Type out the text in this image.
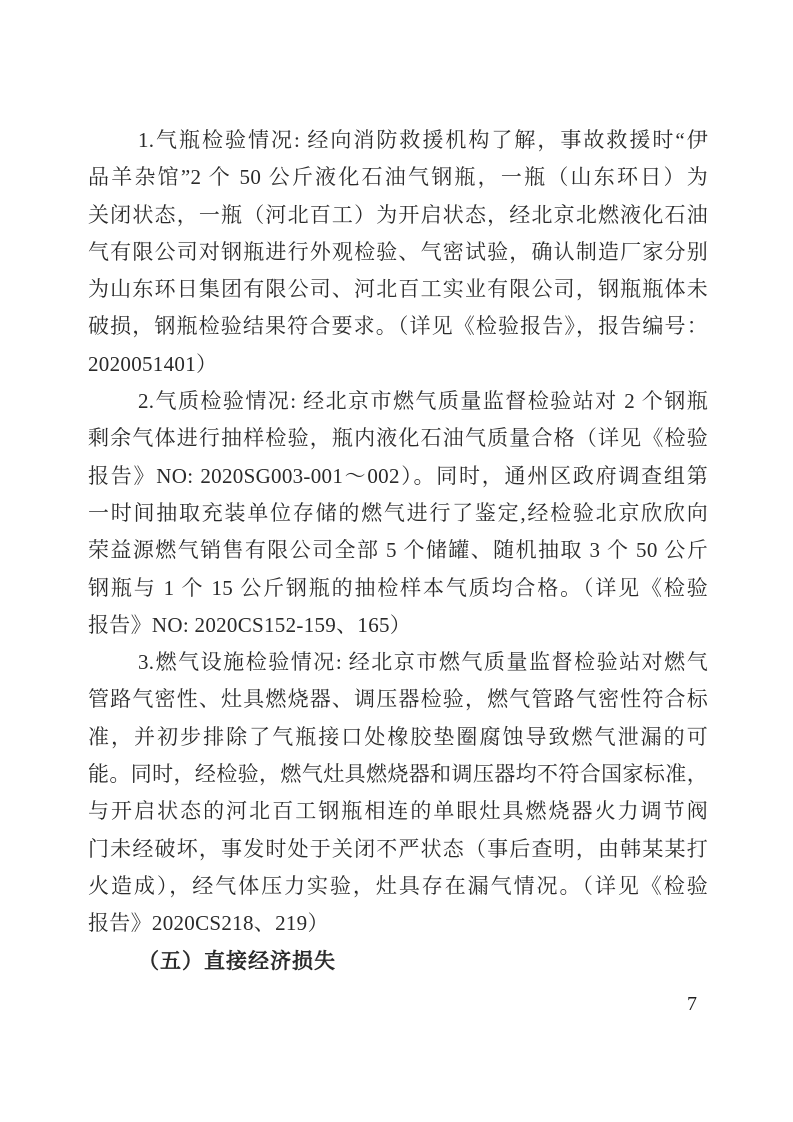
1.气瓶检验情况: 经向消防救援机构了解，事故救援时“伊
品羊杂馆”2 个 50 公斤液化石油气钢瓶，一瓶（山东环日）为
关闭状态，一瓶（河北百工）为开启状态，经北京北燃液化石油
气有限公司对钢瓶进行外观检验、气密试验，确认制造厂家分别
为山东环日集团有限公司、河北百工实业有限公司，钢瓶瓶体未
破损，钢瓶检验结果符合要求。（详见《检验报告》，报告编号：
2020051401）
2.气质检验情况: 经北京市燃气质量监督检验站对 2 个钢瓶
剩余气体进行抽样检验，瓶内液化石油气质量合格（详见《检验
报告》NO: 2020SG003-001～002）。同时，通州区政府调查组第
一时间抽取充装单位存储的燃气进行了鉴定,经检验北京欣欣向
荣益源燃气销售有限公司全部 5 个储罐、随机抽取 3 个 50 公斤
钢瓶与 1 个 15 公斤钢瓶的抽检样本气质均合格。（详见《检验
报告》NO: 2020CS152-159、165）
3.燃气设施检验情况: 经北京市燃气质量监督检验站对燃气
管路气密性、灶具燃烧器、调压器检验，燃气管路气密性符合标
准，并初步排除了气瓶接口处橡胶垫圈腐蚀导致燃气泄漏的可
能。同时，经检验，燃气灶具燃烧器和调压器均不符合国家标准，
与开启状态的河北百工钢瓶相连的单眼灶具燃烧器火力调节阀
门未经破坏，事发时处于关闭不严状态（事后查明，由韩某某打
火造成），经气体压力实验，灶具存在漏气情况。（详见《检验
报告》2020CS218、219）
（五）直接经济损失
7
